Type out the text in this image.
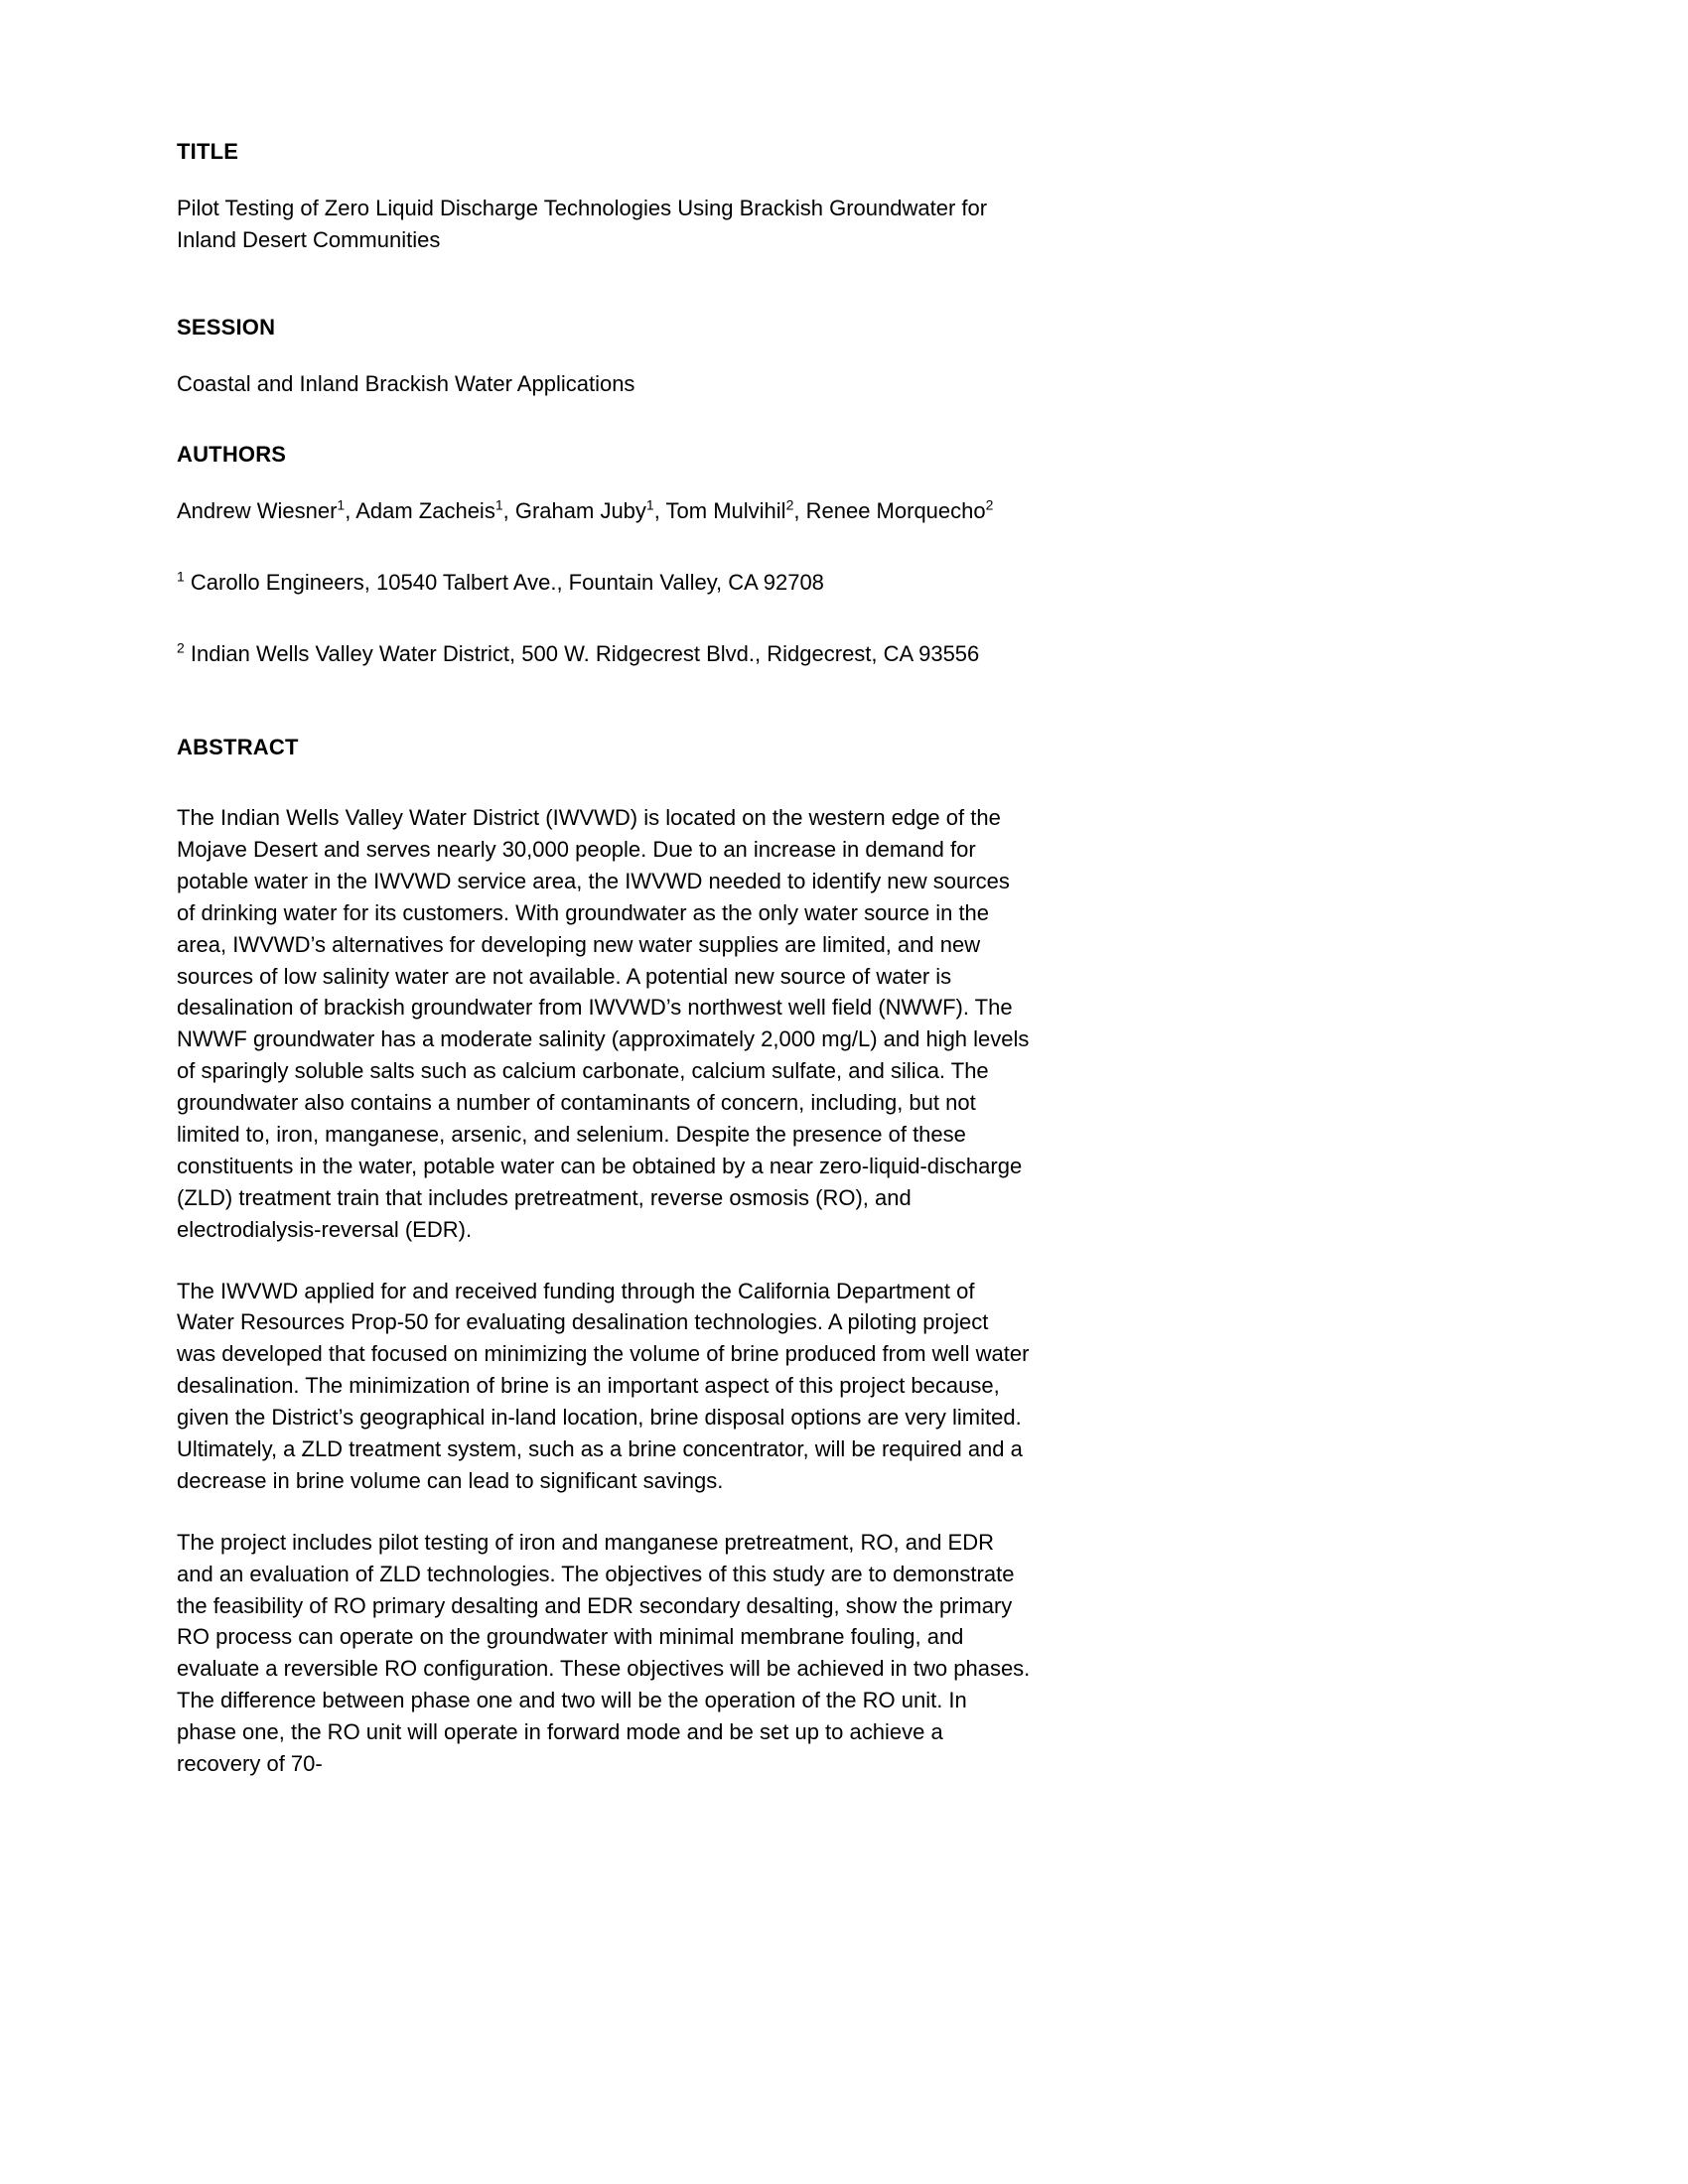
TITLE

Pilot Testing of Zero Liquid Discharge Technologies Using Brackish Groundwater for Inland Desert Communities

SESSION

Coastal and Inland Brackish Water Applications

AUTHORS

Andrew Wiesner$^1$, Adam Zacheis$^1$, Graham Juby$^1$, Tom Mulvihil$^2$, Renee Morquecho$^2$

$^1$ Carollo Engineers, 10540 Talbert Ave., Fountain Valley, CA 92708

$^2$ Indian Wells Valley Water District, 500 W. Ridgecrest Blvd., Ridgecrest, CA 93556

ABSTRACT

The Indian Wells Valley Water District (IWVWD) is located on the western edge of the Mojave Desert and serves nearly 30,000 people. Due to an increase in demand for potable water in the IWVWD service area, the IWVWD needed to identify new sources of drinking water for its customers. With groundwater as the only water source in the area, IWVWD’s alternatives for developing new water supplies are limited, and new sources of low salinity water are not available. A potential new source of water is desalination of brackish groundwater from IWVWD’s northwest well field (NWWF). The NWWF groundwater has a moderate salinity (approximately 2,000 mg/L) and high levels of sparingly soluble salts such as calcium carbonate, calcium sulfate, and silica. The groundwater also contains a number of contaminants of concern, including, but not limited to, iron, manganese, arsenic, and selenium. Despite the presence of these constituents in the water, potable water can be obtained by a near zero-liquid-discharge (ZLD) treatment train that includes pretreatment, reverse osmosis (RO), and electrodialysis-reversal (EDR).

The IWVWD applied for and received funding through the California Department of Water Resources Prop-50 for evaluating desalination technologies. A piloting project was developed that focused on minimizing the volume of brine produced from well water desalination. The minimization of brine is an important aspect of this project because, given the District’s geographical in-land location, brine disposal options are very limited. Ultimately, a ZLD treatment system, such as a brine concentrator, will be required and a decrease in brine volume can lead to significant savings.

The project includes pilot testing of iron and manganese pretreatment, RO, and EDR and an evaluation of ZLD technologies. The objectives of this study are to demonstrate the feasibility of RO primary desalting and EDR secondary desalting, show the primary RO process can operate on the groundwater with minimal membrane fouling, and evaluate a reversible RO configuration. These objectives will be achieved in two phases. The difference between phase one and two will be the operation of the RO unit. In phase one, the RO unit will operate in forward mode and be set up to achieve a recovery of 70-
